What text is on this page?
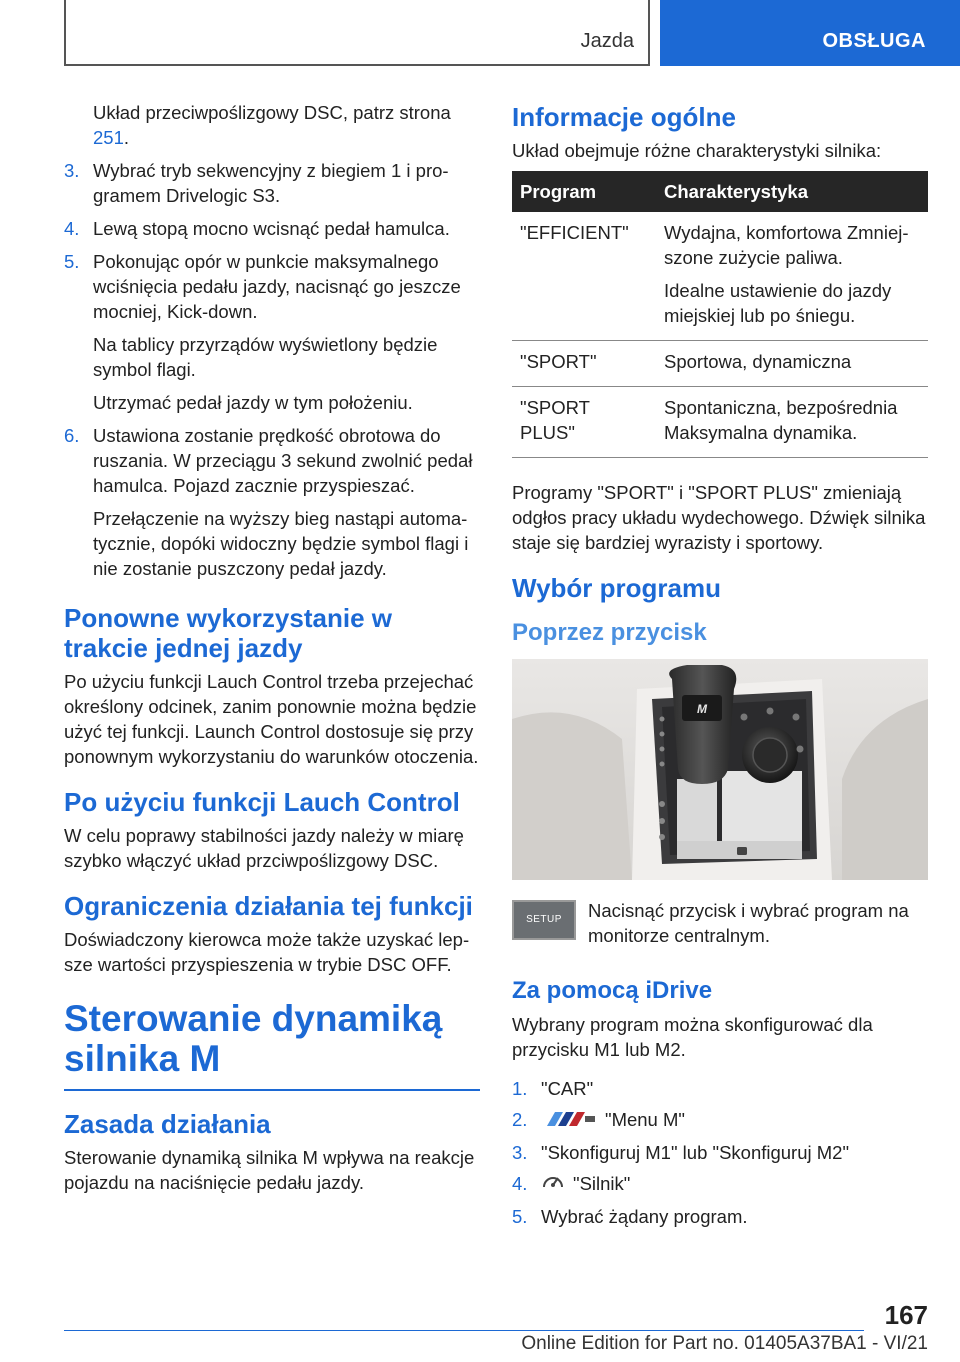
Jazda	OBSŁUGA

Układ przeciwpoślizgowy DSC, patrz strona 251.

3. Wybrać tryb sekwencyjny z biegiem 1 i programem Drivelogic S3.
4. Lewą stopą mocno wcisnąć pedał hamulca.
5. Pokonując opór w punkcie maksymalnego wciśnięcia pedału jazdy, nacisnąć go jeszcze mocniej, Kick-down.

Na tablicy przyrządów wyświetlony będzie symbol flagi.

Utrzymać pedał jazdy w tym położeniu.

6. Ustawiona zostanie prędkość obrotowa do ruszania. W przeciągu 3 sekund zwolnić pedał hamulca. Pojazd zacznie przyspieszać.

Przełączenie na wyższy bieg nastąpi automatycznie, dopóki widoczny będzie symbol flagi i nie zostanie puszczony pedał jazdy.

Ponowne wykorzystanie w trakcie jednej jazdy

Po użyciu funkcji Lauch Control trzeba przejechać określony odcinek, zanim ponownie można będzie użyć tej funkcji. Launch Control dostosuje się przy ponownym wykorzystaniu do warunków otoczenia.

Po użyciu funkcji Lauch Control

W celu poprawy stabilności jazdy należy w miarę szybko włączyć układ przciwpoślizgowy DSC.

Ograniczenia działania tej funkcji

Doświadczony kierowca może także uzyskać lepsze wartości przyspieszenia w trybie DSC OFF.

Sterowanie dynamiką silnika M
Zasada działania

Sterowanie dynamiką silnika M wpływa na reakcje pojazdu na naciśnięcie pedału jazdy.

Informacje ogólne

Układ obejmuje różne charakterystyki silnika:

Program	Charakterystyka
"EFFICIENT"	Wydajna, komfortowa Zmniejszone zużycie paliwa.

Idealne ustawienie do jazdy miejskiej lub po śniegu.

"SPORT"	Sportowa, dynamiczna

"SPORT PLUS"	Spontaniczna, bezpośrednia Maksymalna dynamika.

Programy "SPORT" i "SPORT PLUS" zmieniają odgłos pracy układu wydechowego. Dźwięk silnika staje się bardziej wyrazisty i sportowy.

Wybór programu
Poprzez przycisk
M
SETUP	Nacisnąć przycisk i wybrać program na monitorze centralnym.
Za pomocą iDrive

Wybrany program można skonfigurować dla przycisku M1 lub M2.

1. "CAR"
2.	"Menu M"
3. "Skonfiguruj M1" lub "Skonfiguruj M2"
4. "Silnik"
5. Wybrać żądany program.
167
Online Edition for Part no. 01405A37BA1 - VI/21
